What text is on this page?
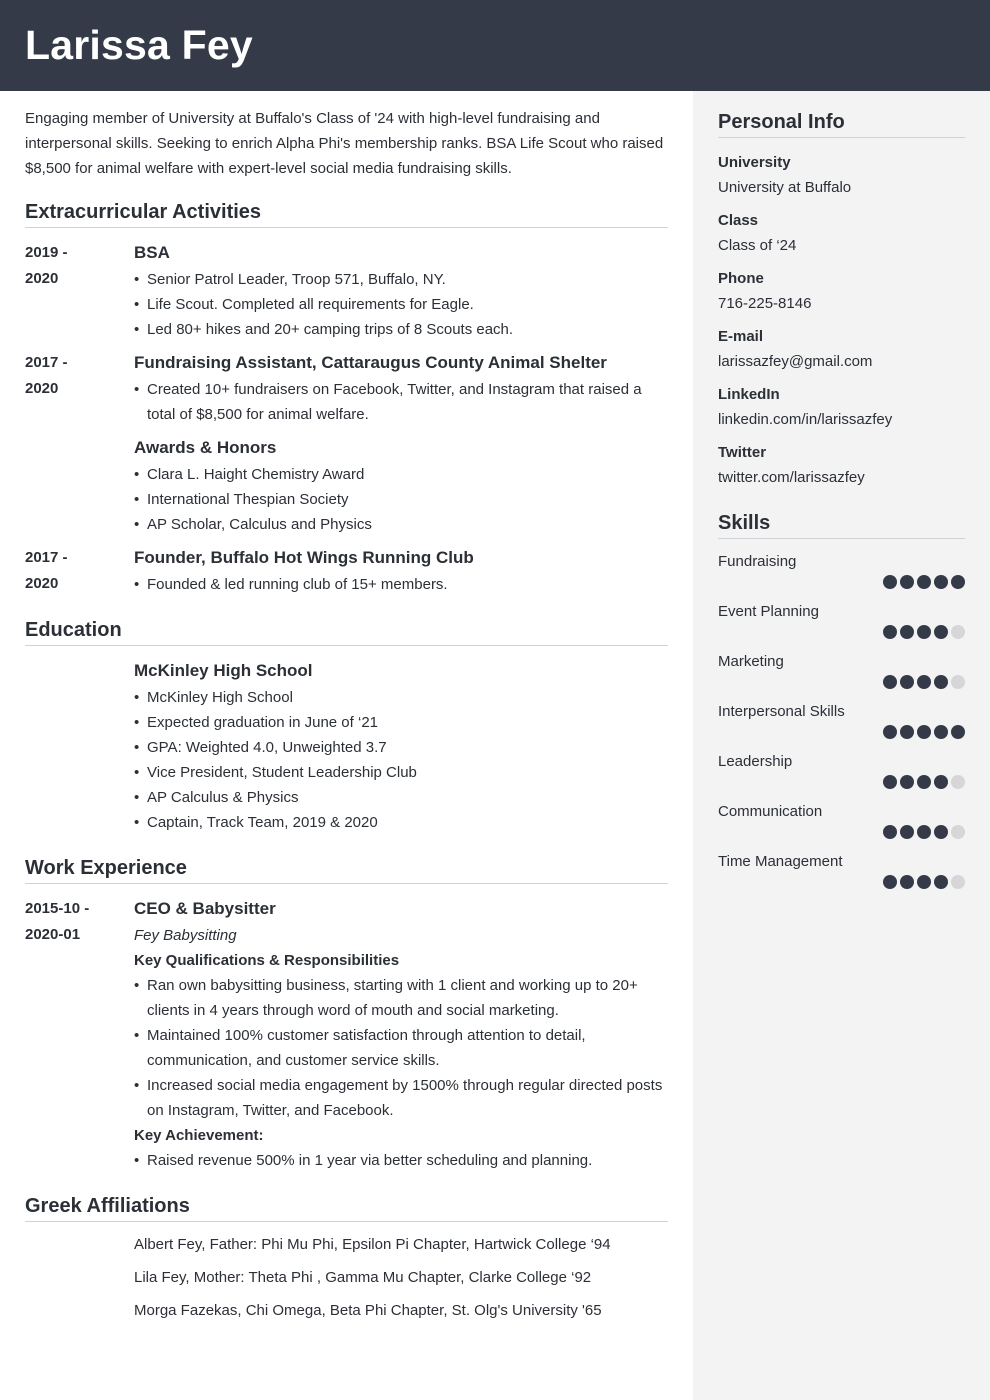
Larissa Fey

Engaging member of University at Buffalo's Class of '24 with high-level fundraising and interpersonal skills. Seeking to enrich Alpha Phi's membership ranks. BSA Life Scout who raised $8,500 for animal welfare with expert-level social media fundraising skills.

Extracurricular Activities
2019 -
2020
BSA
• Senior Patrol Leader, Troop 571, Buffalo, NY.
• Life Scout. Completed all requirements for Eagle.
• Led 80+ hikes and 20+ camping trips of 8 Scouts each.
2017 -
2020
Fundraising Assistant, Cattaraugus County Animal Shelter
• Created 10+ fundraisers on Facebook, Twitter, and Instagram that raised a total of $8,500 for animal welfare.
Awards & Honors
• Clara L. Haight Chemistry Award
• International Thespian Society
• AP Scholar, Calculus and Physics
2017 -
2020
Founder, Buffalo Hot Wings Running Club
• Founded & led running club of 15+ members.
Education
McKinley High School
• McKinley High School
• Expected graduation in June of ‘21
• GPA: Weighted 4.0, Unweighted 3.7
• Vice President, Student Leadership Club
• AP Calculus & Physics
• Captain, Track Team, 2019 & 2020
Work Experience
2015-10 -
2020-01
CEO & Babysitter
Fey Babysitting
Key Qualifications & Responsibilities
• Ran own babysitting business, starting with 1 client and working up to 20+ clients in 4 years through word of mouth and social marketing.
• Maintained 100% customer satisfaction through attention to detail, communication, and customer service skills.
• Increased social media engagement by 1500% through regular directed posts on Instagram, Twitter, and Facebook.
Key Achievement:
• Raised revenue 500% in 1 year via better scheduling and planning.
Greek Affiliations

Albert Fey, Father: Phi Mu Phi, Epsilon Pi Chapter, Hartwick College ‘94

Lila Fey, Mother: Theta Phi , Gamma Mu Chapter, Clarke College ‘92

Morga Fazekas, Chi Omega, Beta Phi Chapter, St. Olg's University '65

Personal Info
University
University at Buffalo
Class
Class of ‘24
Phone
716-225-8146
E-mail
larissazfey@gmail.com
LinkedIn
linkedin.com/in/larissazfey
Twitter
twitter.com/larissazfey
Skills
Fundraising
Event Planning
Marketing
Interpersonal Skills
Leadership
Communication
Time Management
